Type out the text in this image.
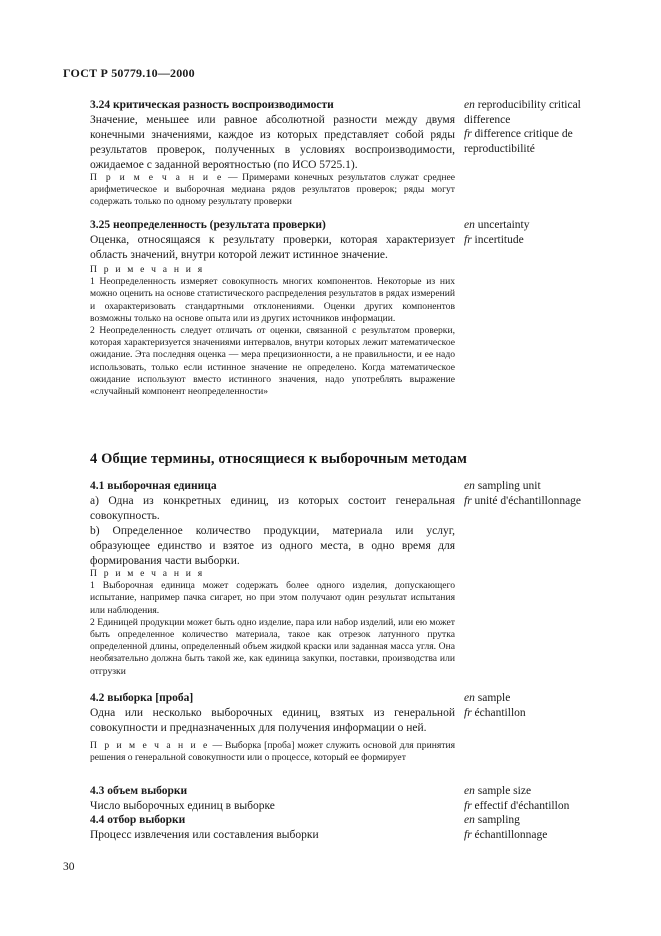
ГОСТ Р 50779.10—2000
3.24 критическая разность воспроизводимости
Значение, меньшее или равное абсолютной разности между двумя конечными значениями, каждое из которых представляет собой ряды результатов проверок, полученных в условиях воспроизводимости, ожидаемое с заданной вероятностью (по ИСО 5725.1).
П р и м е ч а н и е — Примерами конечных результатов служат среднее арифметическое и выборочная медиана рядов результатов проверок; ряды могут содержать только по одному результату проверки
en reproducibility critical difference
fr difference critique de reproductibilité
3.25 неопределенность (результата проверки)
Оценка, относящаяся к результату проверки, которая характеризует область значений, внутри которой лежит истинное значение.
П р и м е ч а н и я
1 Неопределенность измеряет совокупность многих компонентов. Некоторые из них можно оценить на основе статистического распределения результатов в рядах измерений и охарактеризовать стандартными отклонениями. Оценки других компонентов возможны только на основе опыта или из других источников информации.
2 Неопределенность следует отличать от оценки, связанной с результатом проверки, которая характеризуется значениями интервалов, внутри которых лежит математическое ожидание. Эта последняя оценка — мера прецизионности, а не правильности, и ее надо использовать, только если истинное значение не определено. Когда математическое ожидание используют вместо истинного значения, надо употреблять выражение «случайный компонент неопределенности»
en uncertainty
fr incertitude
4 Общие термины, относящиеся к выборочным методам
4.1 выборочная единица
a) Одна из конкретных единиц, из которых состоит генеральная совокупность.
b) Определенное количество продукции, материала или услуг, образующее единство и взятое из одного места, в одно время для формирования части выборки.
П р и м е ч а н и я
1 Выборочная единица может содержать более одного изделия, допускающего испытание, например пачка сигарет, но при этом получают один результат испытания или наблюдения.
2 Единицей продукции может быть одно изделие, пара или набор изделий, или ею может быть определенное количество материала, такое как отрезок латунного прутка определенной длины, определенный объем жидкой краски или заданная масса угля. Она необязательно должна быть такой же, как единица закупки, поставки, производства или отгрузки
en sampling unit
fr unité d'échantillonnage
4.2 выборка [проба]
Одна или несколько выборочных единиц, взятых из генеральной совокупности и предназначенных для получения информации о ней.
П р и м е ч а н и е — Выборка [проба] может служить основой для принятия решения о генеральной совокупности или о процессе, который ее формирует
en sample
fr échantillon
4.3 объем выборки
Число выборочных единиц в выборке
en sample size
fr effectif d'échantillon
4.4 отбор выборки
Процесс извлечения или составления выборки
en sampling
fr échantillonnage
30
